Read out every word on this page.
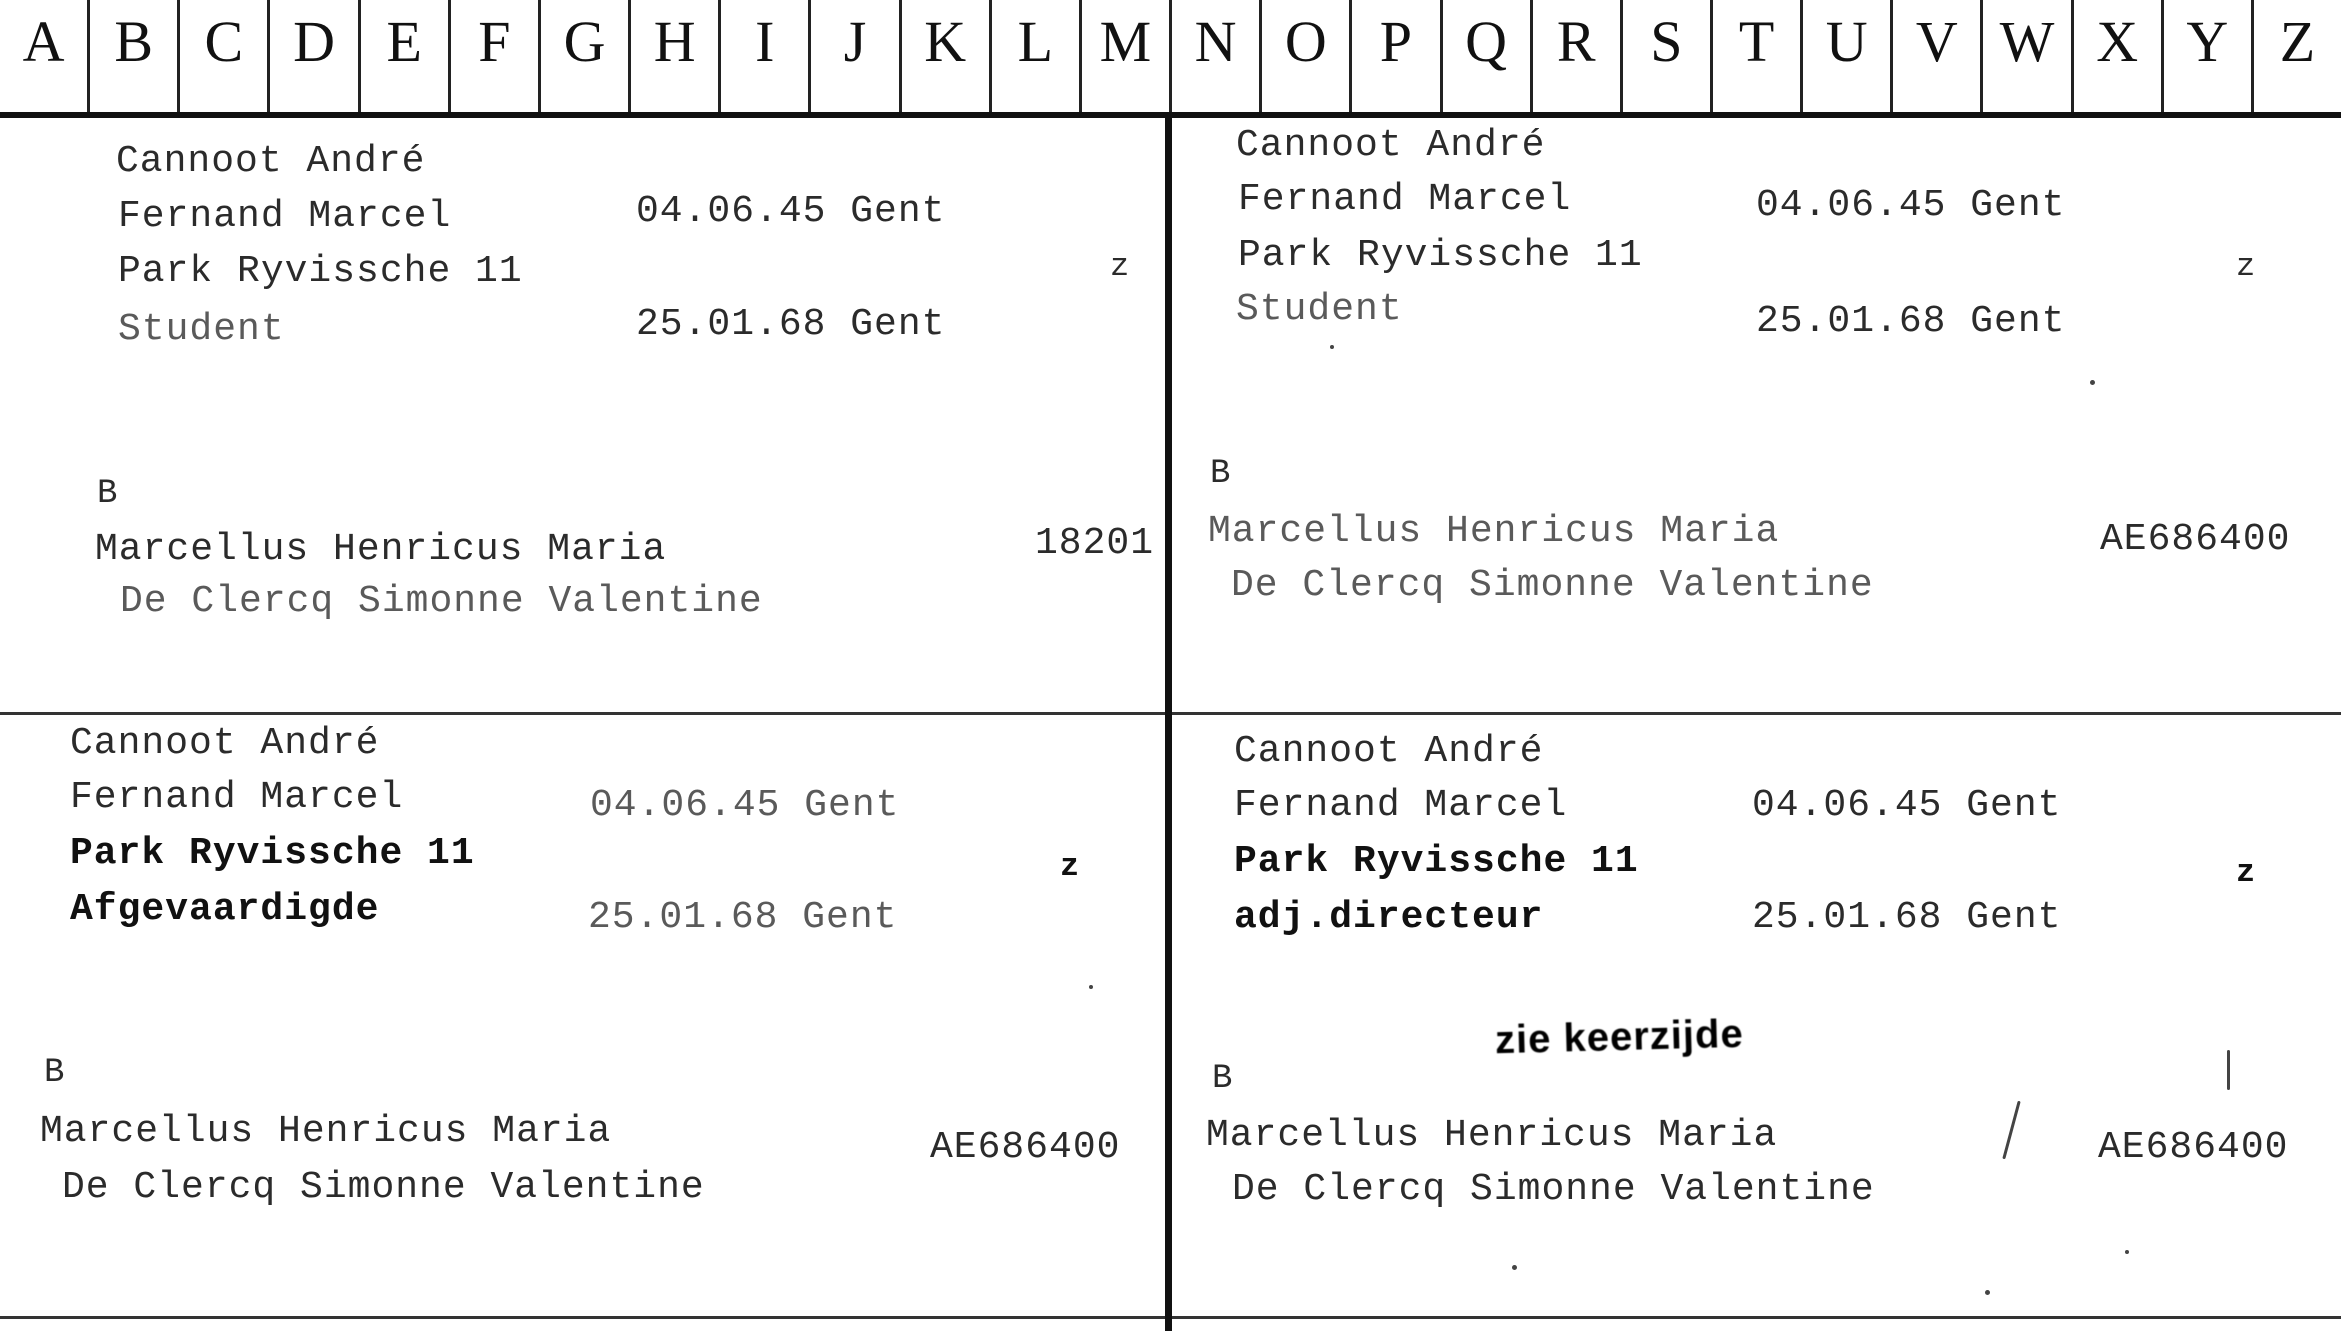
A B C D E F G H	I	J K L M N O P Q R S T U V W X Y Z
Cannoot André
Fernand Marcel	04.06.45 Gent
Park Ryvissche 11	z
Student	25.01.68 Gent
B
Marcellus Henricus Maria	18201
De Clercq Simonne Valentine
Cannoot André
Fernand Marcel	04.06.45 Gent
Park Ryvissche 11	z
Student	25.01.68 Gent
B
Marcellus Henricus Maria	AE686400
De Clercq Simonne Valentine
Cannoot André
Fernand Marcel	04.06.45 Gent
Park Ryvissche 11	z
Afgevaardigde	25.01.68 Gent
B
Marcellus Henricus Maria	AE686400
De Clercq Simonne Valentine
Cannoot André
Fernand Marcel	04.06.45 Gent
Park Ryvissche 11	z
adj.directeur	25.01.68 Gent
B
Marcellus Henricus Maria	AE686400
De Clercq Simonne Valentine
zie keerzijde
